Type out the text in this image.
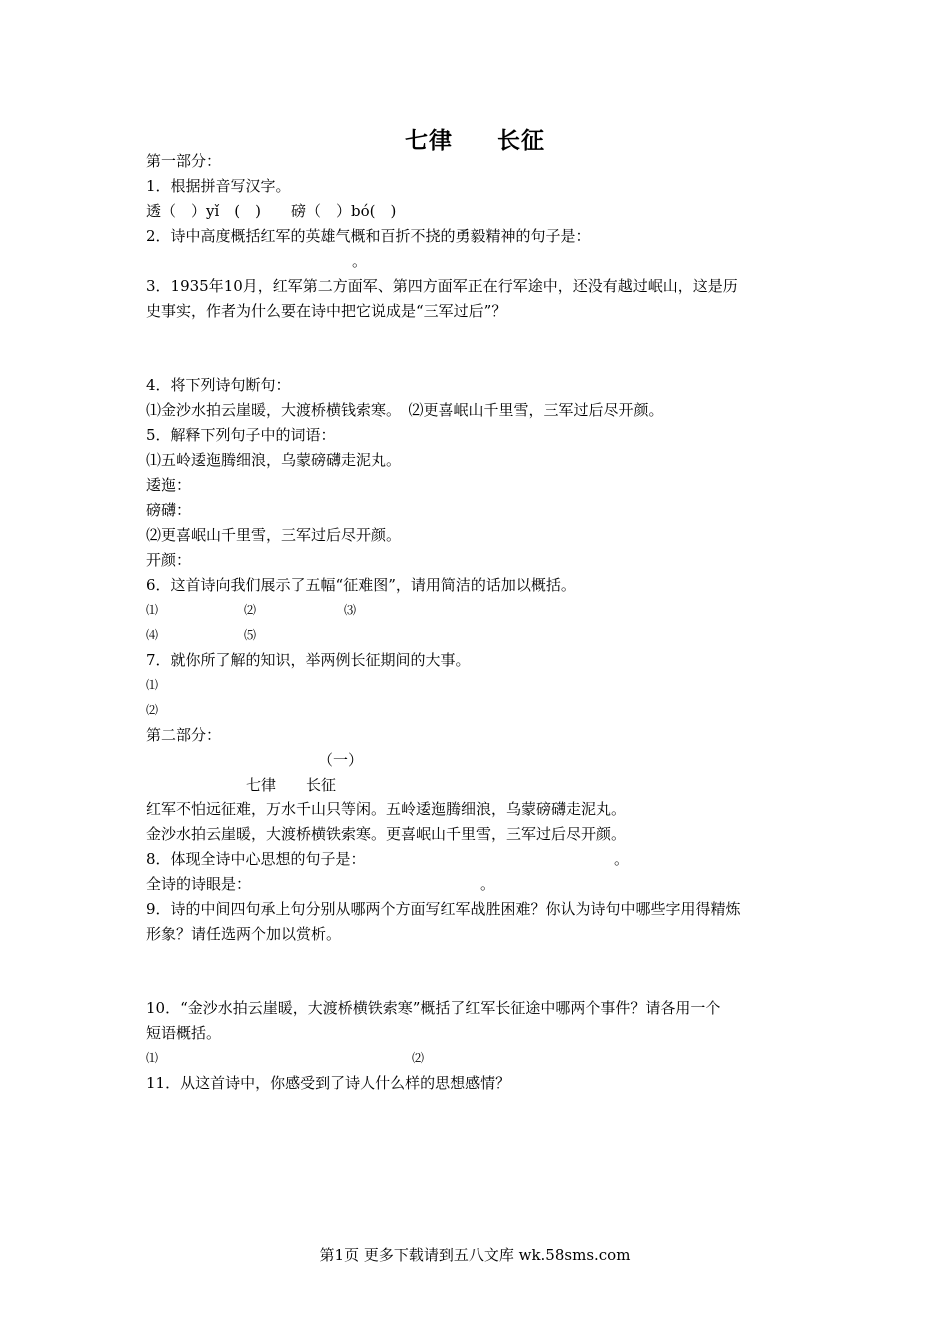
七律 长征
第一部分：
1．根据拼音写汉字。
透（　）yǐ　(　)　　磅（　）bó(　)
2．诗中高度概括红军的英雄气概和百折不挠的勇毅精神的句子是：
。
3．1935年10月，红军第二方面军、第四方面军正在行军途中，还没有越过岷山，这是历
史事实，作者为什么要在诗中把它说成是“三军过后”？
4．将下列诗句断句：
⑴金沙水拍云崖暖，大渡桥横钱索寒。　⑵更喜岷山千里雪，三军过后尽开颜。
5．解释下列句子中的词语：
⑴五岭逶迤腾细浪，乌蒙磅礴走泥丸。
逶迤：
磅礴：
⑵更喜岷山千里雪，三军过后尽开颜。
开颜：
6．这首诗向我们展示了五幅“征难图”，请用简洁的话加以概括。
⑴	⑵	⑶
⑷	⑸
7．就你所了解的知识，举两例长征期间的大事。
⑴
⑵
第二部分：
（一）
七律　　长征
红军不怕远征难，万水千山只等闲。五岭逶迤腾细浪，乌蒙磅礴走泥丸。
金沙水拍云崖暖，大渡桥横铁索寒。更喜岷山千里雪，三军过后尽开颜。
8．体现全诗中心思想的句子是：	。
全诗的诗眼是：	。
9．诗的中间四句承上句分别从哪两个方面写红军战胜困难？你认为诗句中哪些字用得精炼
形象？请任选两个加以赏析。
10．“金沙水拍云崖暖，大渡桥横铁索寒”概括了红军长征途中哪两个事件？请各用一个
短语概括。
⑴	⑵
11．从这首诗中，你感受到了诗人什么样的思想感情？
第1页 更多下载请到五八文库 wk.58sms.com
